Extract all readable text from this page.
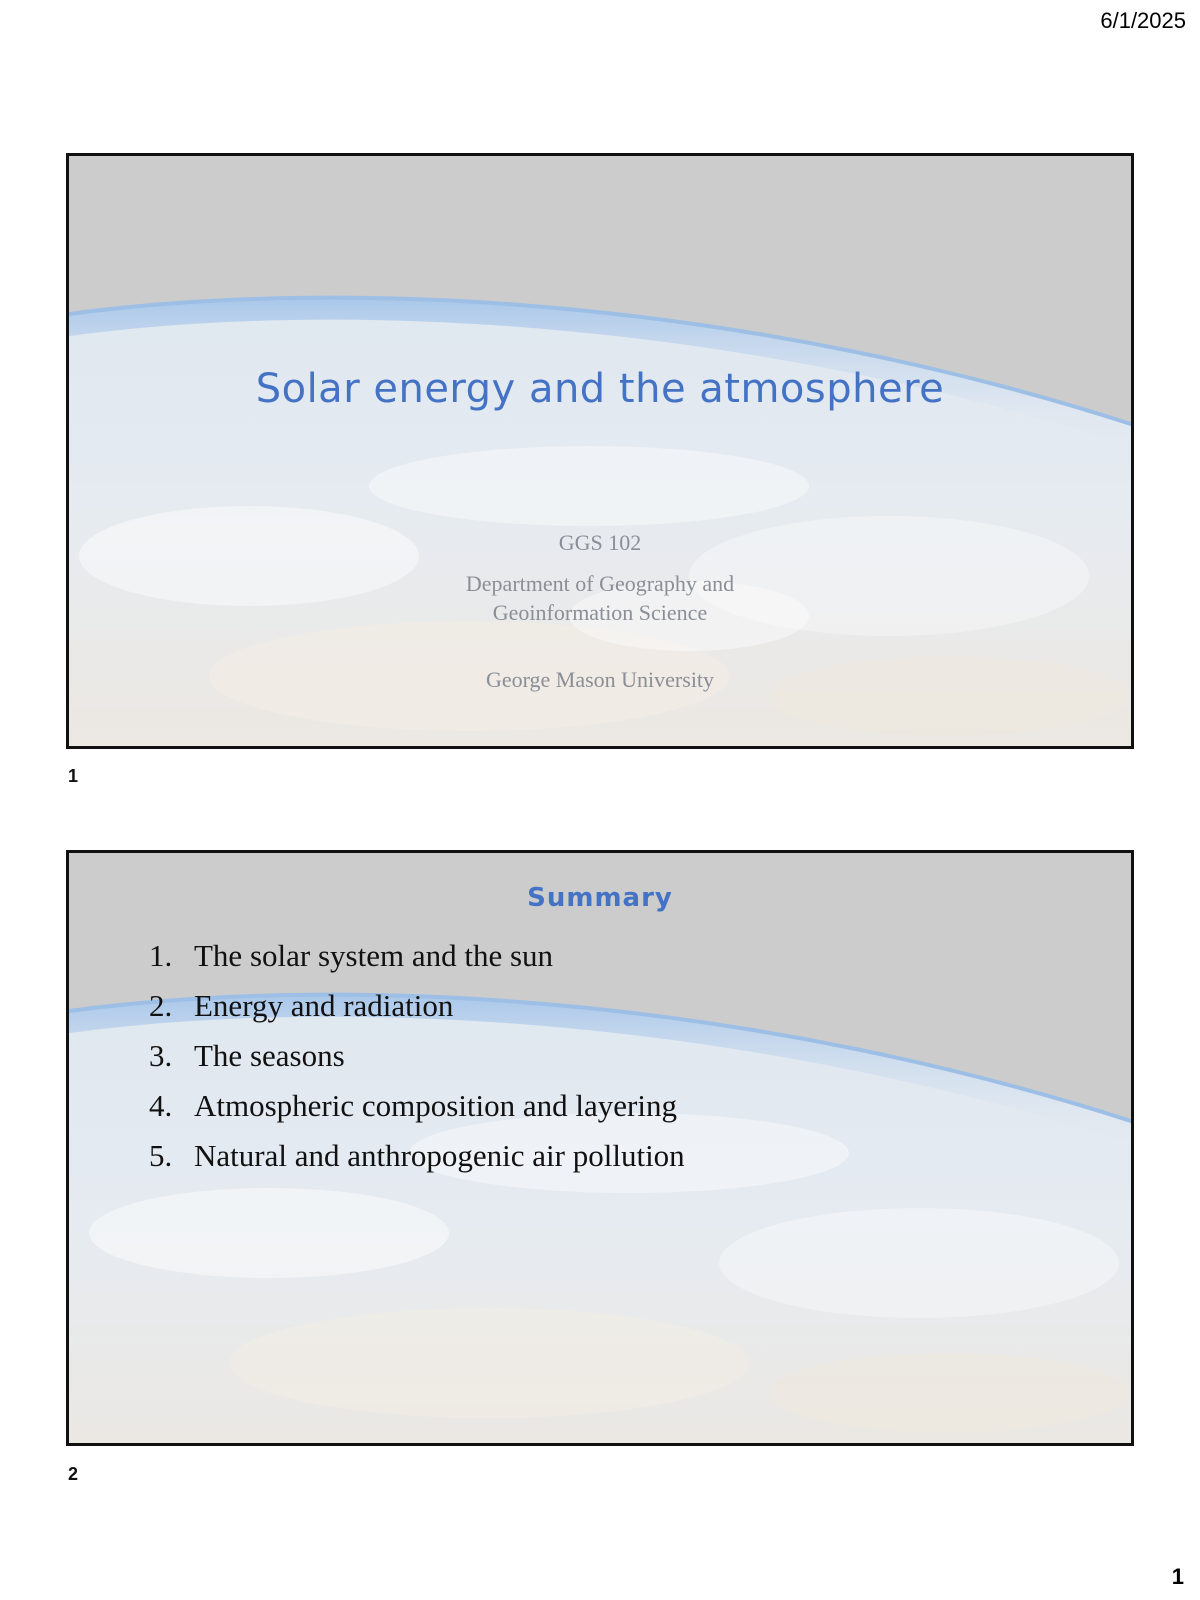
6/1/2025
Solar energy and the atmosphere
GGS 102
Department of Geography and
Geoinformation Science
George Mason University
1
Summary
1. The solar system and the sun
2. Energy and radiation
3. The seasons
4. Atmospheric composition and layering
5. Natural and anthropogenic air pollution
2
1
